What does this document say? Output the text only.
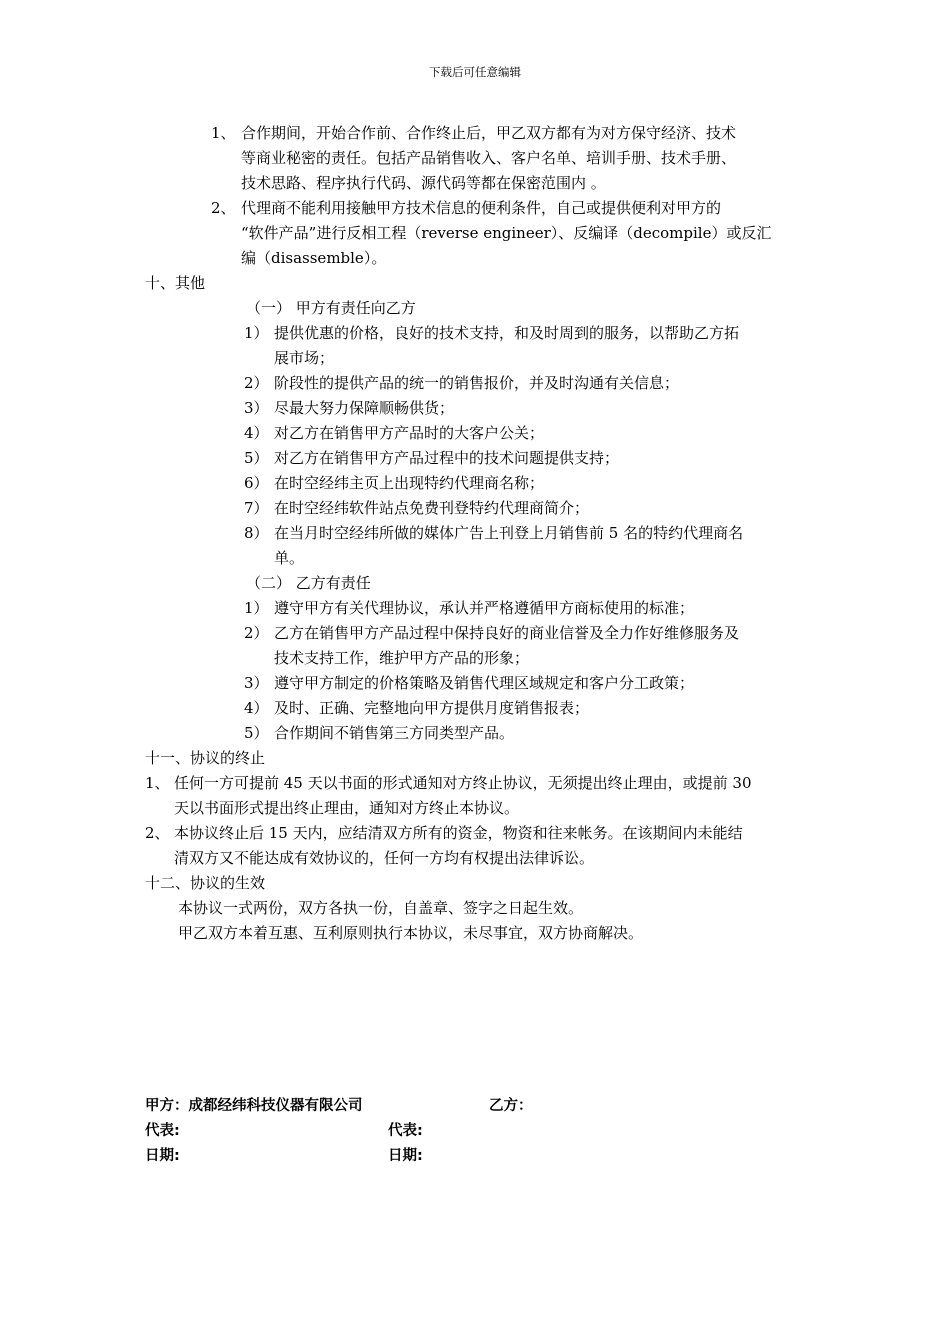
下载后可任意编辑
1、 合作期间，开始合作前、合作终止后，甲乙双方都有为对方保守经济、技术
等商业秘密的责任。包括产品销售收入、客户名单、培训手册、技术手册、
技术思路、程序执行代码、源代码等都在保密范围内 。
2、 代理商不能利用接触甲方技术信息的便利条件，自己或提供便利对甲方的
“软件产品”进行反相工程（reverse engineer）、反编译（decompile）或反汇
编（disassemble）。
十、其他
（一） 甲方有责任向乙方
1） 提供优惠的价格，良好的技术支持，和及时周到的服务，以帮助乙方拓
展市场；
2） 阶段性的提供产品的统一的销售报价，并及时沟通有关信息；
3） 尽最大努力保障顺畅供货；
4） 对乙方在销售甲方产品时的大客户公关；
5） 对乙方在销售甲方产品过程中的技术问题提供支持；
6） 在时空经纬主页上出现特约代理商名称；
7） 在时空经纬软件站点免费刊登特约代理商简介；
8） 在当月时空经纬所做的媒体广告上刊登上月销售前 5 名的特约代理商名
单。
（二） 乙方有责任
1） 遵守甲方有关代理协议，承认并严格遵循甲方商标使用的标准；
2） 乙方在销售甲方产品过程中保持良好的商业信誉及全力作好维修服务及
技术支持工作，维护甲方产品的形象；
3） 遵守甲方制定的价格策略及销售代理区域规定和客户分工政策；
4） 及时、正确、完整地向甲方提供月度销售报表；
5） 合作期间不销售第三方同类型产品。
十一、协议的终止
1、 任何一方可提前 45 天以书面的形式通知对方终止协议，无须提出终止理由，或提前 30
天以书面形式提出终止理由，通知对方终止本协议。
2、 本协议终止后 15 天内，应结清双方所有的资金，物资和往来帐务。在该期间内未能结
清双方又不能达成有效协议的，任何一方均有权提出法律诉讼。
十二、协议的生效
本协议一式两份，双方各执一份，自盖章、签字之日起生效。
甲乙双方本着互惠、互利原则执行本协议，未尽事宜，双方协商解决。
甲方：成都经纬科技仪器有限公司	乙方：
代表:	代表:
日期:	日期:
